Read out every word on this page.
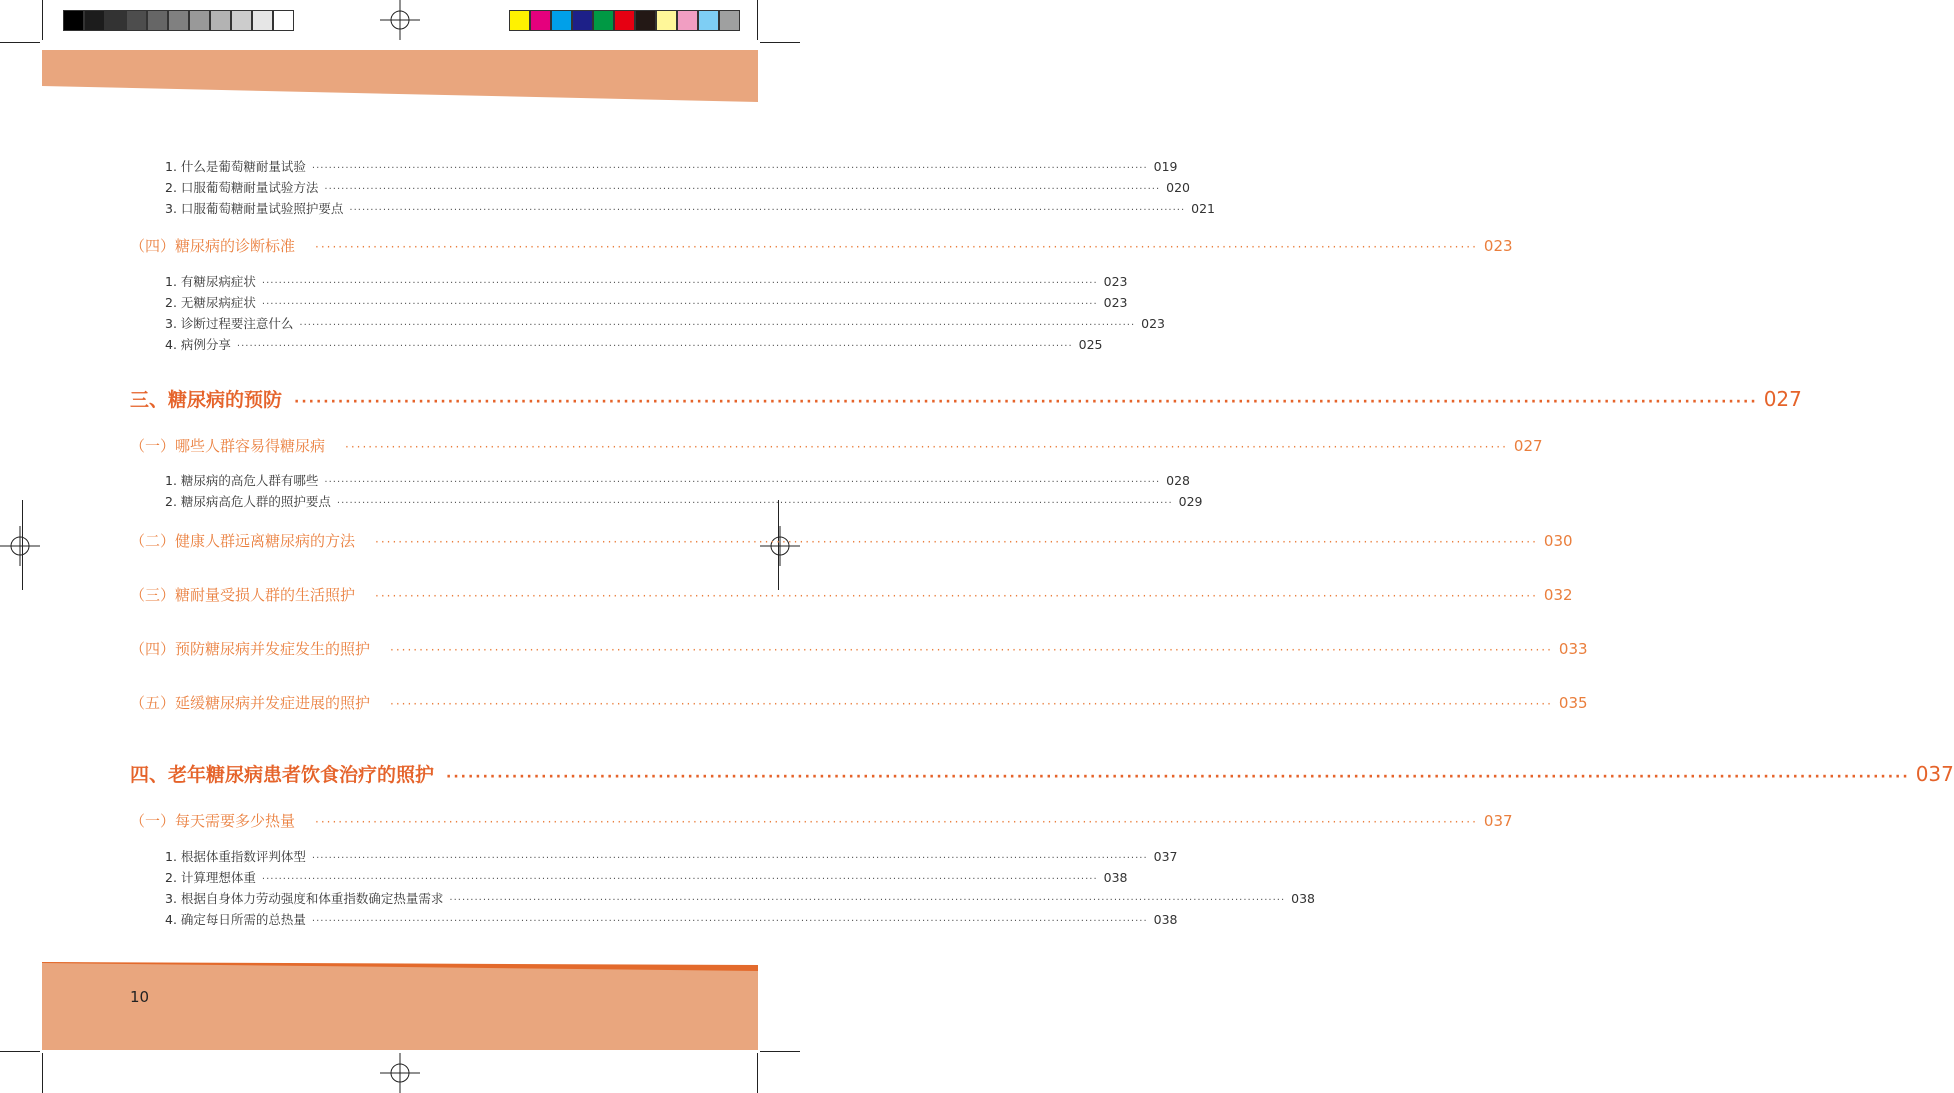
10
1. 什么是葡萄糖耐量试验 ········································································································································································································ 019
2. 口服葡萄糖耐量试验方法 ········································································································································································································ 020
3. 口服葡萄糖耐量试验照护要点 ········································································································································································································ 021
（四）糖尿病的诊断标准 ········································································································································································································ 023
1. 有糖尿病症状 ········································································································································································································ 023
2. 无糖尿病症状 ········································································································································································································ 023
3. 诊断过程要注意什么 ········································································································································································································ 023
4. 病例分享 ········································································································································································································ 025
三、糖尿病的预防 ········································································································································································································ 027
（一）哪些人群容易得糖尿病 ········································································································································································································ 027
1. 糖尿病的高危人群有哪些 ········································································································································································································ 028
2. 糖尿病高危人群的照护要点 ········································································································································································································ 029
（二）健康人群远离糖尿病的方法 ········································································································································································································ 030
（三）糖耐量受损人群的生活照护 ········································································································································································································ 032
（四）预防糖尿病并发症发生的照护 ········································································································································································································ 033
（五）延缓糖尿病并发症进展的照护 ········································································································································································································ 035
四、老年糖尿病患者饮食治疗的照护 ········································································································································································································ 037
（一）每天需要多少热量 ········································································································································································································ 037
1. 根据体重指数评判体型 ········································································································································································································ 037
2. 计算理想体重 ········································································································································································································ 038
3. 根据自身体力劳动强度和体重指数确定热量需求 ········································································································································································································ 038
4. 确定每日所需的总热量 ········································································································································································································ 038
